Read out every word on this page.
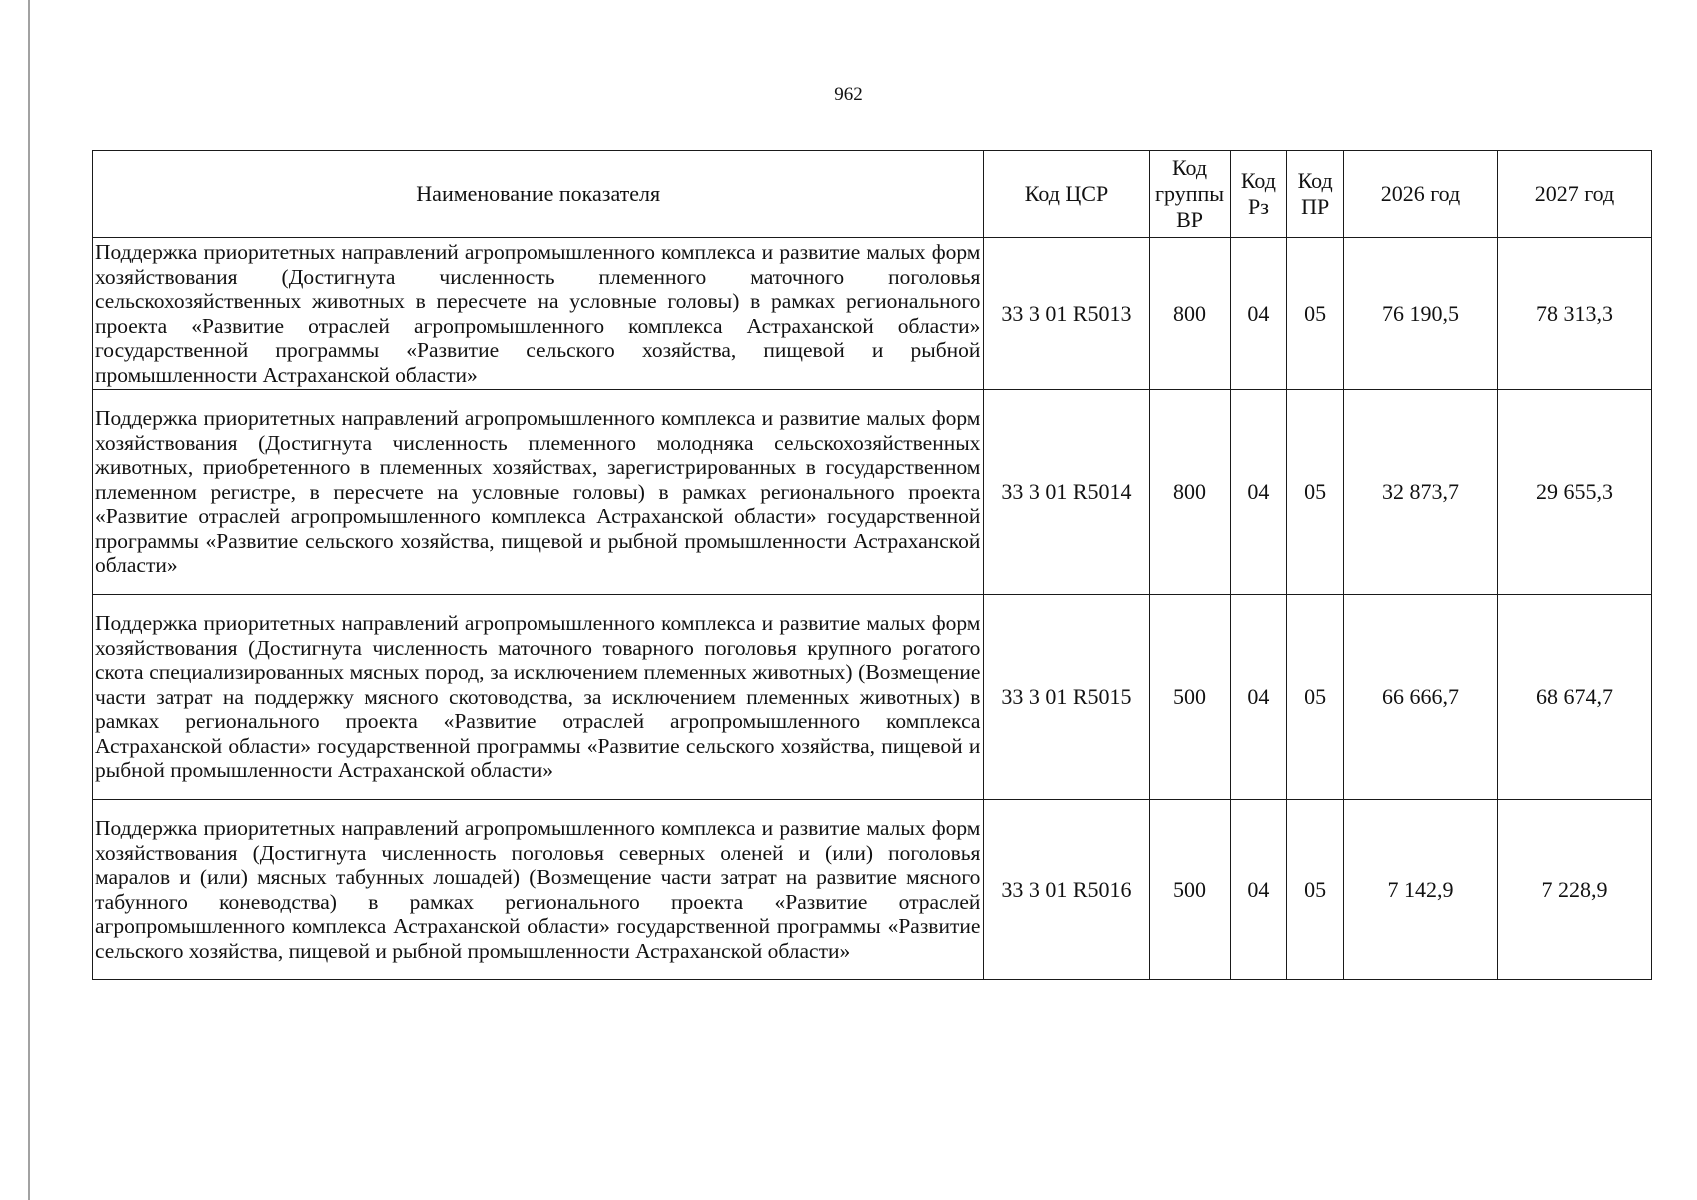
962
Наименование показателя	Код ЦСР	Код группы ВР	Код Рз	Код ПР	2026 год	2027 год
Поддержка приоритетных направлений агропромышленного комплекса и развитие малых форм хозяйствования (Достигнута численность племенного маточного поголовья сельскохозяйственных животных в пересчете на условные головы) в рамках регионального проекта «Развитие отраслей агропромышленного комплекса Астраханской области» государственной программы «Развитие сельского хозяйства, пищевой и рыбной промышленности Астраханской области»	33 3 01 R5013	800	04	05	76 190,5	78 313,3
Поддержка приоритетных направлений агропромышленного комплекса и развитие малых форм хозяйствования (Достигнута численность племенного молодняка сельскохозяйственных животных, приобретенного в племенных хозяйствах, зарегистрированных в государственном племенном регистре, в пересчете на условные головы) в рамках регионального проекта «Развитие отраслей агропромышленного комплекса Астраханской области» государственной программы «Развитие сельского хозяйства, пищевой и рыбной промышленности Астраханской области»	33 3 01 R5014	800	04	05	32 873,7	29 655,3
Поддержка приоритетных направлений агропромышленного комплекса и развитие малых форм хозяйствования (Достигнута численность маточного товарного поголовья крупного рогатого скота специализированных мясных пород, за исключением племенных животных) (Возмещение части затрат на поддержку мясного скотоводства, за исключением племенных животных) в рамках регионального проекта «Развитие отраслей агропромышленного комплекса Астраханской области» государственной программы «Развитие сельского хозяйства, пищевой и рыбной промышленности Астраханской области»	33 3 01 R5015	500	04	05	66 666,7	68 674,7
Поддержка приоритетных направлений агропромышленного комплекса и развитие малых форм хозяйствования (Достигнута численность поголовья северных оленей и (или) поголовья маралов и (или) мясных табунных лошадей) (Возмещение части затрат на развитие мясного табунного коневодства) в рамках регионального проекта «Развитие отраслей агропромышленного комплекса Астраханской области» государственной программы «Развитие сельского хозяйства, пищевой и рыбной промышленности Астраханской области»	33 3 01 R5016	500	04	05	7 142,9	7 228,9
